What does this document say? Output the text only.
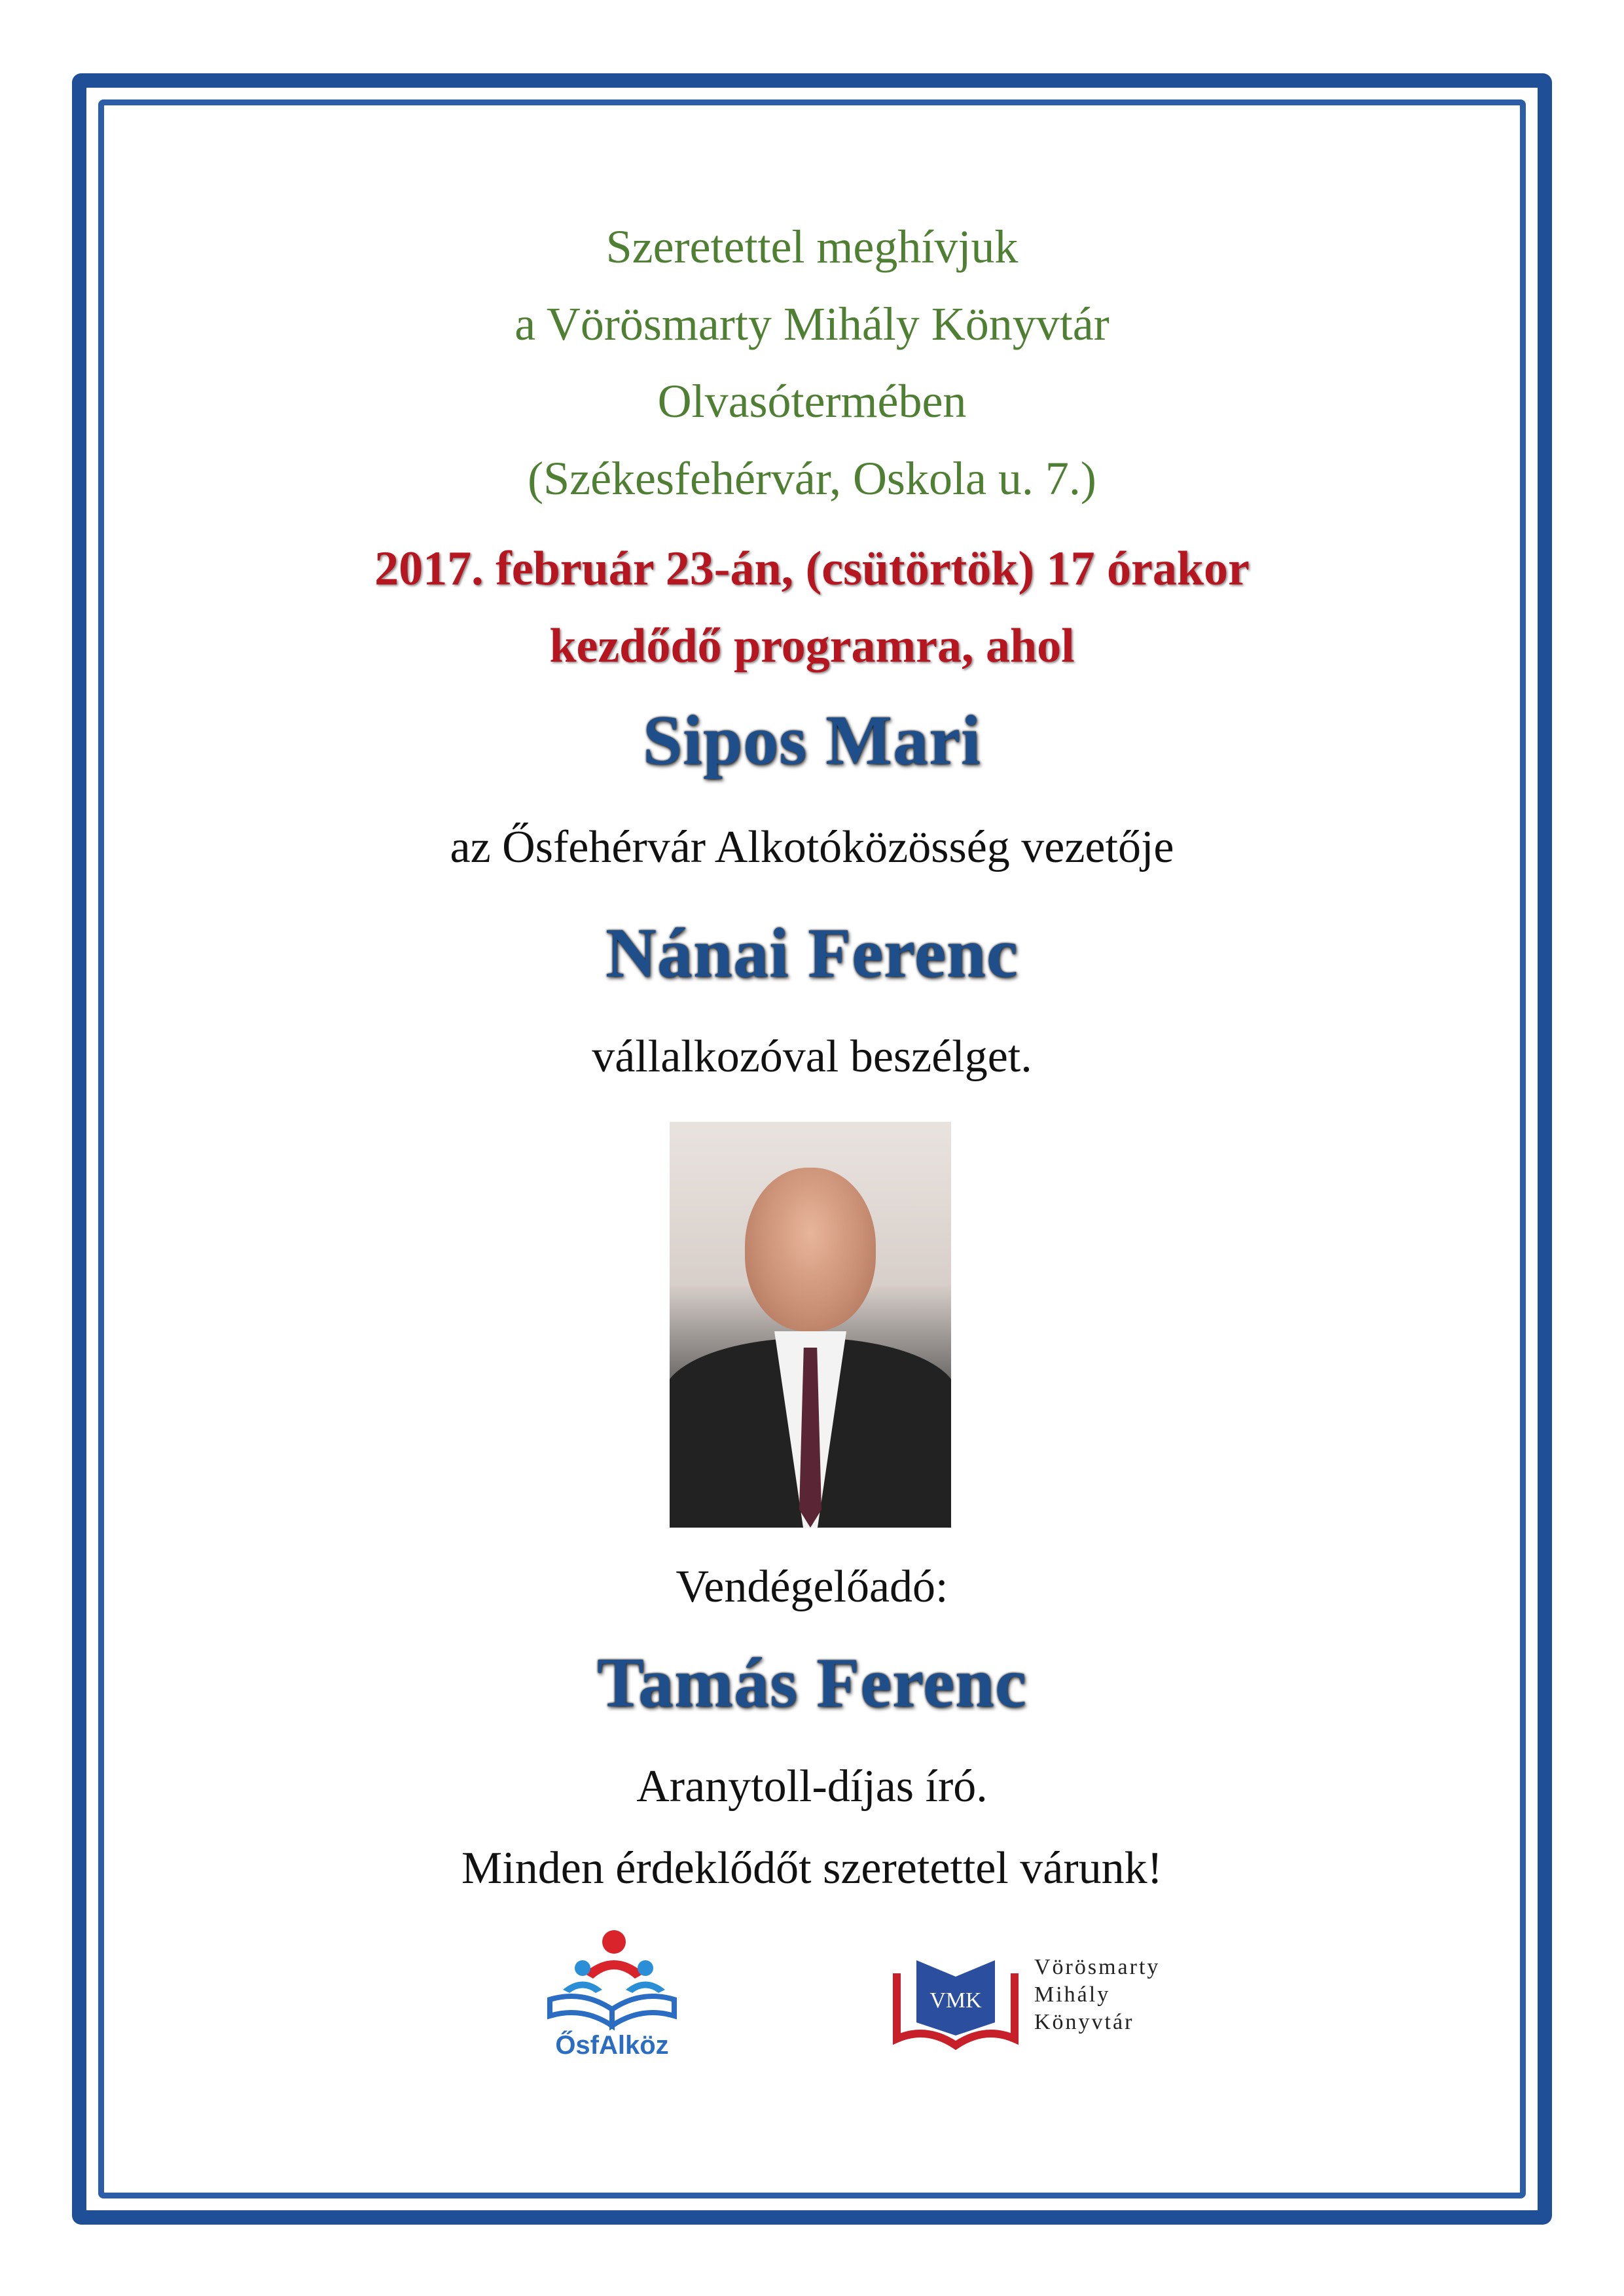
Szeretettel meghívjuk

a Vörösmarty Mihály Könyvtár

Olvasótermében

(Székesfehérvár, Oskola u. 7.)

2017. február 23-án, (csütörtök) 17 órakor

kezdődő programra, ahol

Sipos Mari

az Ősfehérvár Alkotóközösség vezetője

Nánai Ferenc

vállalkozóval beszélget.

Vendégelőadó:

Tamás Ferenc

Aranytoll-díjas író.

Minden érdeklődőt szeretettel várunk!

ŐsfAlköz
VMK
Vörösmarty
Mihály
Könyvtár
